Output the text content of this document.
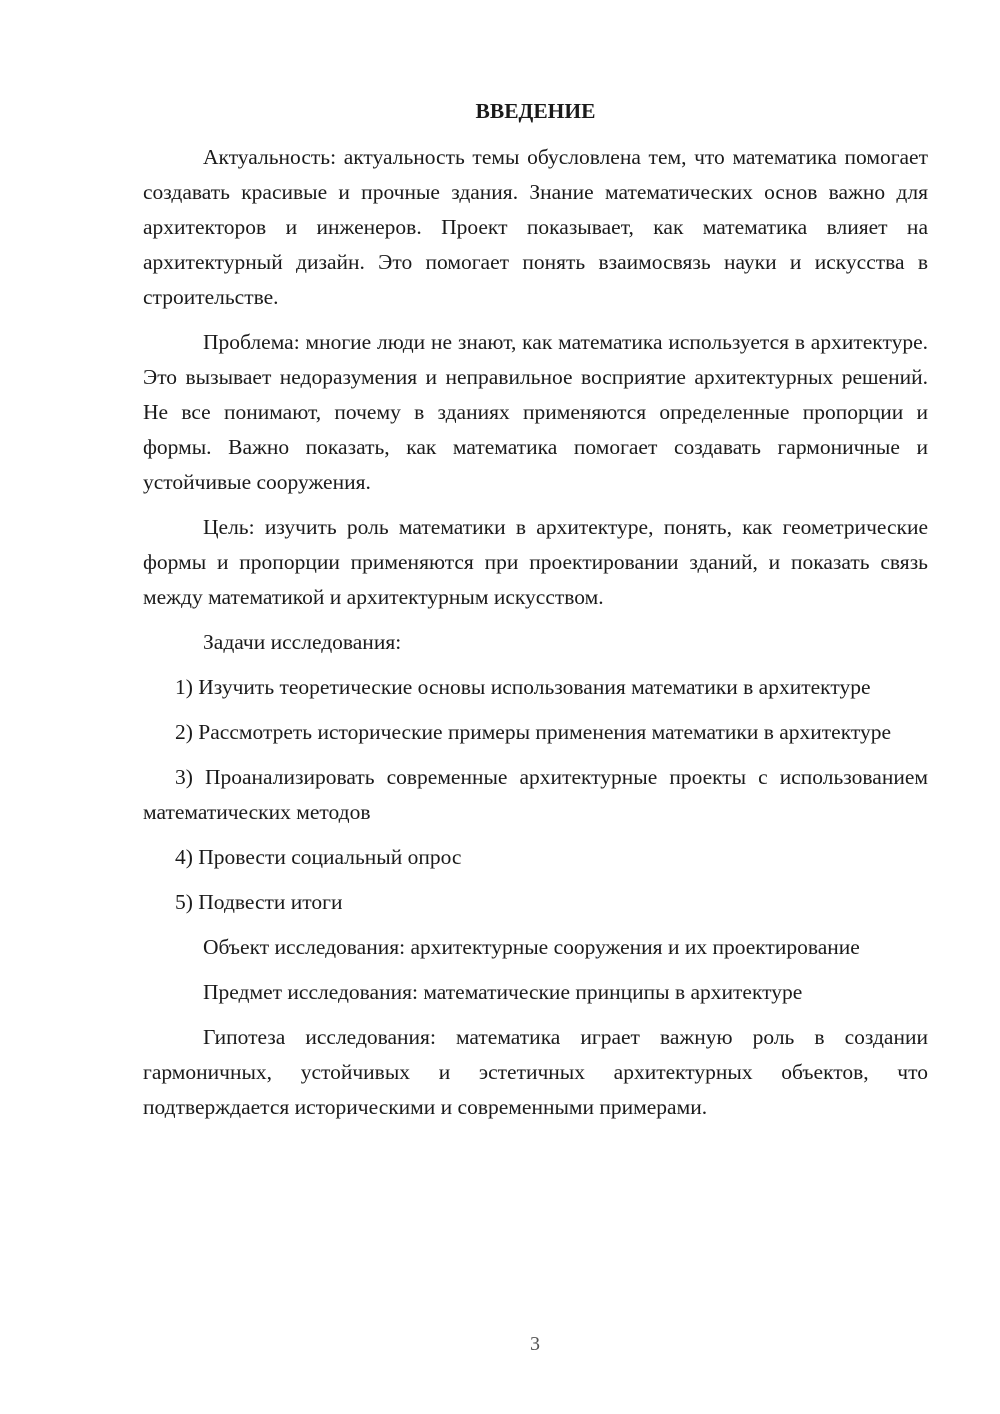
ВВЕДЕНИЕ

Актуальность: актуальность темы обусловлена тем, что математика помогает создавать красивые и прочные здания. Знание математических основ важно для архитекторов и инженеров. Проект показывает, как математика влияет на архитектурный дизайн. Это помогает понять взаимосвязь науки и искусства в строительстве.

Проблема: многие люди не знают, как математика используется в архитектуре. Это вызывает недоразумения и неправильное восприятие архитектурных решений. Не все понимают, почему в зданиях применяются определенные пропорции и формы. Важно показать, как математика помогает создавать гармоничные и устойчивые сооружения.

Цель: изучить роль математики в архитектуре, понять, как геометрические формы и пропорции применяются при проектировании зданий, и показать связь между математикой и архитектурным искусством.

Задачи исследования:

1) Изучить теоретические основы использования математики в архитектуре

2) Рассмотреть исторические примеры применения математики в архитектуре

3) Проанализировать современные архитектурные проекты с использованием математических методов

4) Провести социальный опрос

5) Подвести итоги

Объект исследования: архитектурные сооружения и их проектирование

Предмет исследования: математические принципы в архитектуре

Гипотеза исследования: математика играет важную роль в создании гармоничных, устойчивых и эстетичных архитектурных объектов, что подтверждается историческими и современными примерами.

3
